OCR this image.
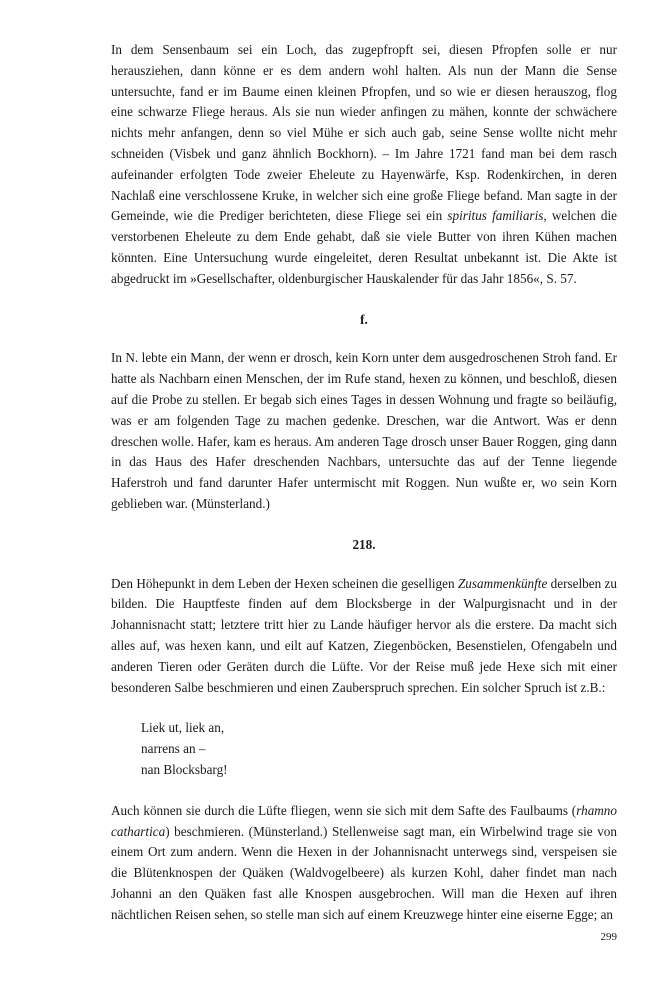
In dem Sensenbaum sei ein Loch, das zugepfropft sei, diesen Pfropfen solle er nur herausziehen, dann könne er es dem andern wohl halten. Als nun der Mann die Sense untersuchte, fand er im Baume einen kleinen Pfropfen, und so wie er diesen herauszog, flog eine schwarze Fliege heraus. Als sie nun wieder anfingen zu mähen, konnte der schwächere nichts mehr anfangen, denn so viel Mühe er sich auch gab, seine Sense wollte nicht mehr schneiden (Visbek und ganz ähnlich Bockhorn). – Im Jahre 1721 fand man bei dem rasch aufeinander erfolgten Tode zweier Eheleute zu Hayenwärfe, Ksp. Rodenkirchen, in deren Nachlaß eine verschlossene Kruke, in welcher sich eine große Fliege befand. Man sagte in der Gemeinde, wie die Prediger berichteten, diese Fliege sei ein spiritus familiaris, welchen die verstorbenen Eheleute zu dem Ende gehabt, daß sie viele Butter von ihren Kühen machen könnten. Eine Untersuchung wurde eingeleitet, deren Resultat unbekannt ist. Die Akte ist abgedruckt im »Gesellschafter, oldenburgischer Hauskalender für das Jahr 1856«, S. 57.

f.

In N. lebte ein Mann, der wenn er drosch, kein Korn unter dem ausgedroschenen Stroh fand. Er hatte als Nachbarn einen Menschen, der im Rufe stand, hexen zu können, und beschloß, diesen auf die Probe zu stellen. Er begab sich eines Tages in dessen Wohnung und fragte so beiläufig, was er am folgenden Tage zu machen gedenke. Dreschen, war die Antwort. Was er denn dreschen wolle. Hafer, kam es heraus. Am anderen Tage drosch unser Bauer Roggen, ging dann in das Haus des Hafer dreschenden Nachbars, untersuchte das auf der Tenne liegende Haferstroh und fand darunter Hafer untermischt mit Roggen. Nun wußte er, wo sein Korn geblieben war. (Münsterland.)

218.

Den Höhepunkt in dem Leben der Hexen scheinen die geselligen Zusammenkünfte derselben zu bilden. Die Hauptfeste finden auf dem Blocksberge in der Walpurgisnacht und in der Johannisnacht statt; letztere tritt hier zu Lande häufiger hervor als die erstere. Da macht sich alles auf, was hexen kann, und eilt auf Katzen, Ziegenböcken, Besenstielen, Ofengabeln und anderen Tieren oder Geräten durch die Lüfte. Vor der Reise muß jede Hexe sich mit einer besonderen Salbe beschmieren und einen Zauberspruch sprechen. Ein solcher Spruch ist z.B.:

Liek ut, liek an,
narrens an –
nan Blocksbarg!

Auch können sie durch die Lüfte fliegen, wenn sie sich mit dem Safte des Faulbaums (rhamno cathartica) beschmieren. (Münsterland.) Stellenweise sagt man, ein Wirbelwind trage sie von einem Ort zum andern. Wenn die Hexen in der Johannisnacht unterwegs sind, verspeisen sie die Blütenknospen der Quäken (Waldvogelbeere) als kurzen Kohl, daher findet man nach Johanni an den Quäken fast alle Knospen ausgebrochen. Will man die Hexen auf ihren nächtlichen Reisen sehen, so stelle man sich auf einem Kreuzwege hinter eine eiserne Egge; an

299
